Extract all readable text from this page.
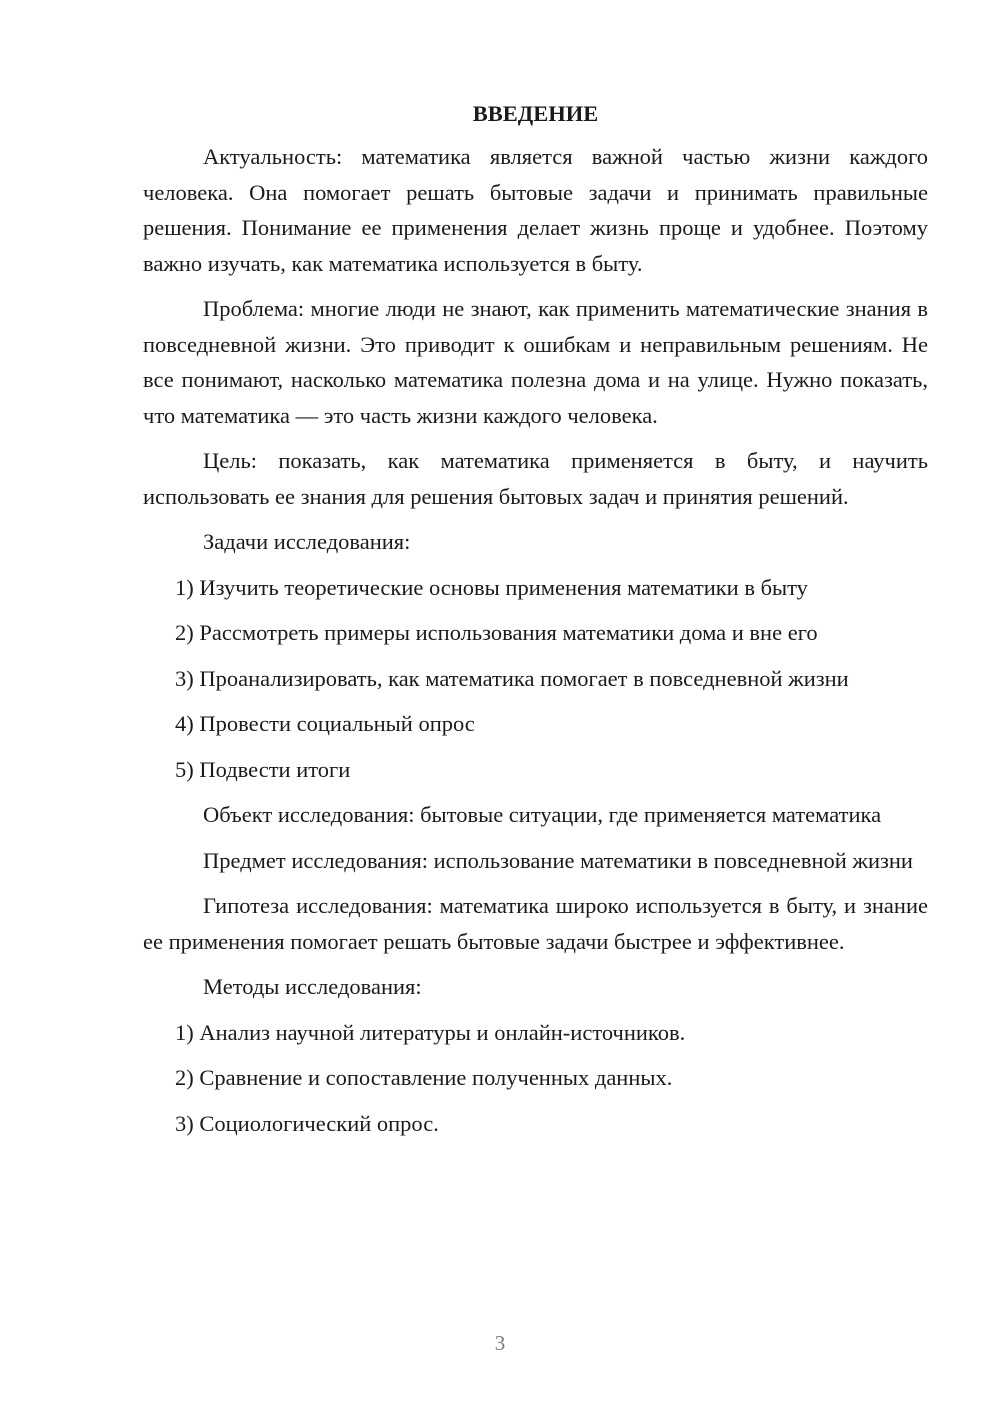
ВВЕДЕНИЕ

Актуальность: математика является важной частью жизни каждого человека. Она помогает решать бытовые задачи и принимать правильные решения. Понимание ее применения делает жизнь проще и удобнее. Поэтому важно изучать, как математика используется в быту.

Проблема: многие люди не знают, как применить математические знания в повседневной жизни. Это приводит к ошибкам и неправильным решениям. Не все понимают, насколько математика полезна дома и на улице. Нужно показать, что математика — это часть жизни каждого человека.

Цель: показать, как математика применяется в быту, и научить использовать ее знания для решения бытовых задач и принятия решений.

Задачи исследования:

1) Изучить теоретические основы применения математики в быту
2) Рассмотреть примеры использования математики дома и вне его
3) Проанализировать, как математика помогает в повседневной жизни
4) Провести социальный опрос
5) Подвести итоги

Объект исследования: бытовые ситуации, где применяется математика

Предмет исследования: использование математики в повседневной жизни

Гипотеза исследования: математика широко используется в быту, и знание ее применения помогает решать бытовые задачи быстрее и эффективнее.

Методы исследования:

1) Анализ научной литературы и онлайн-источников.
2) Сравнение и сопоставление полученных данных.
3) Социологический опрос.
3
